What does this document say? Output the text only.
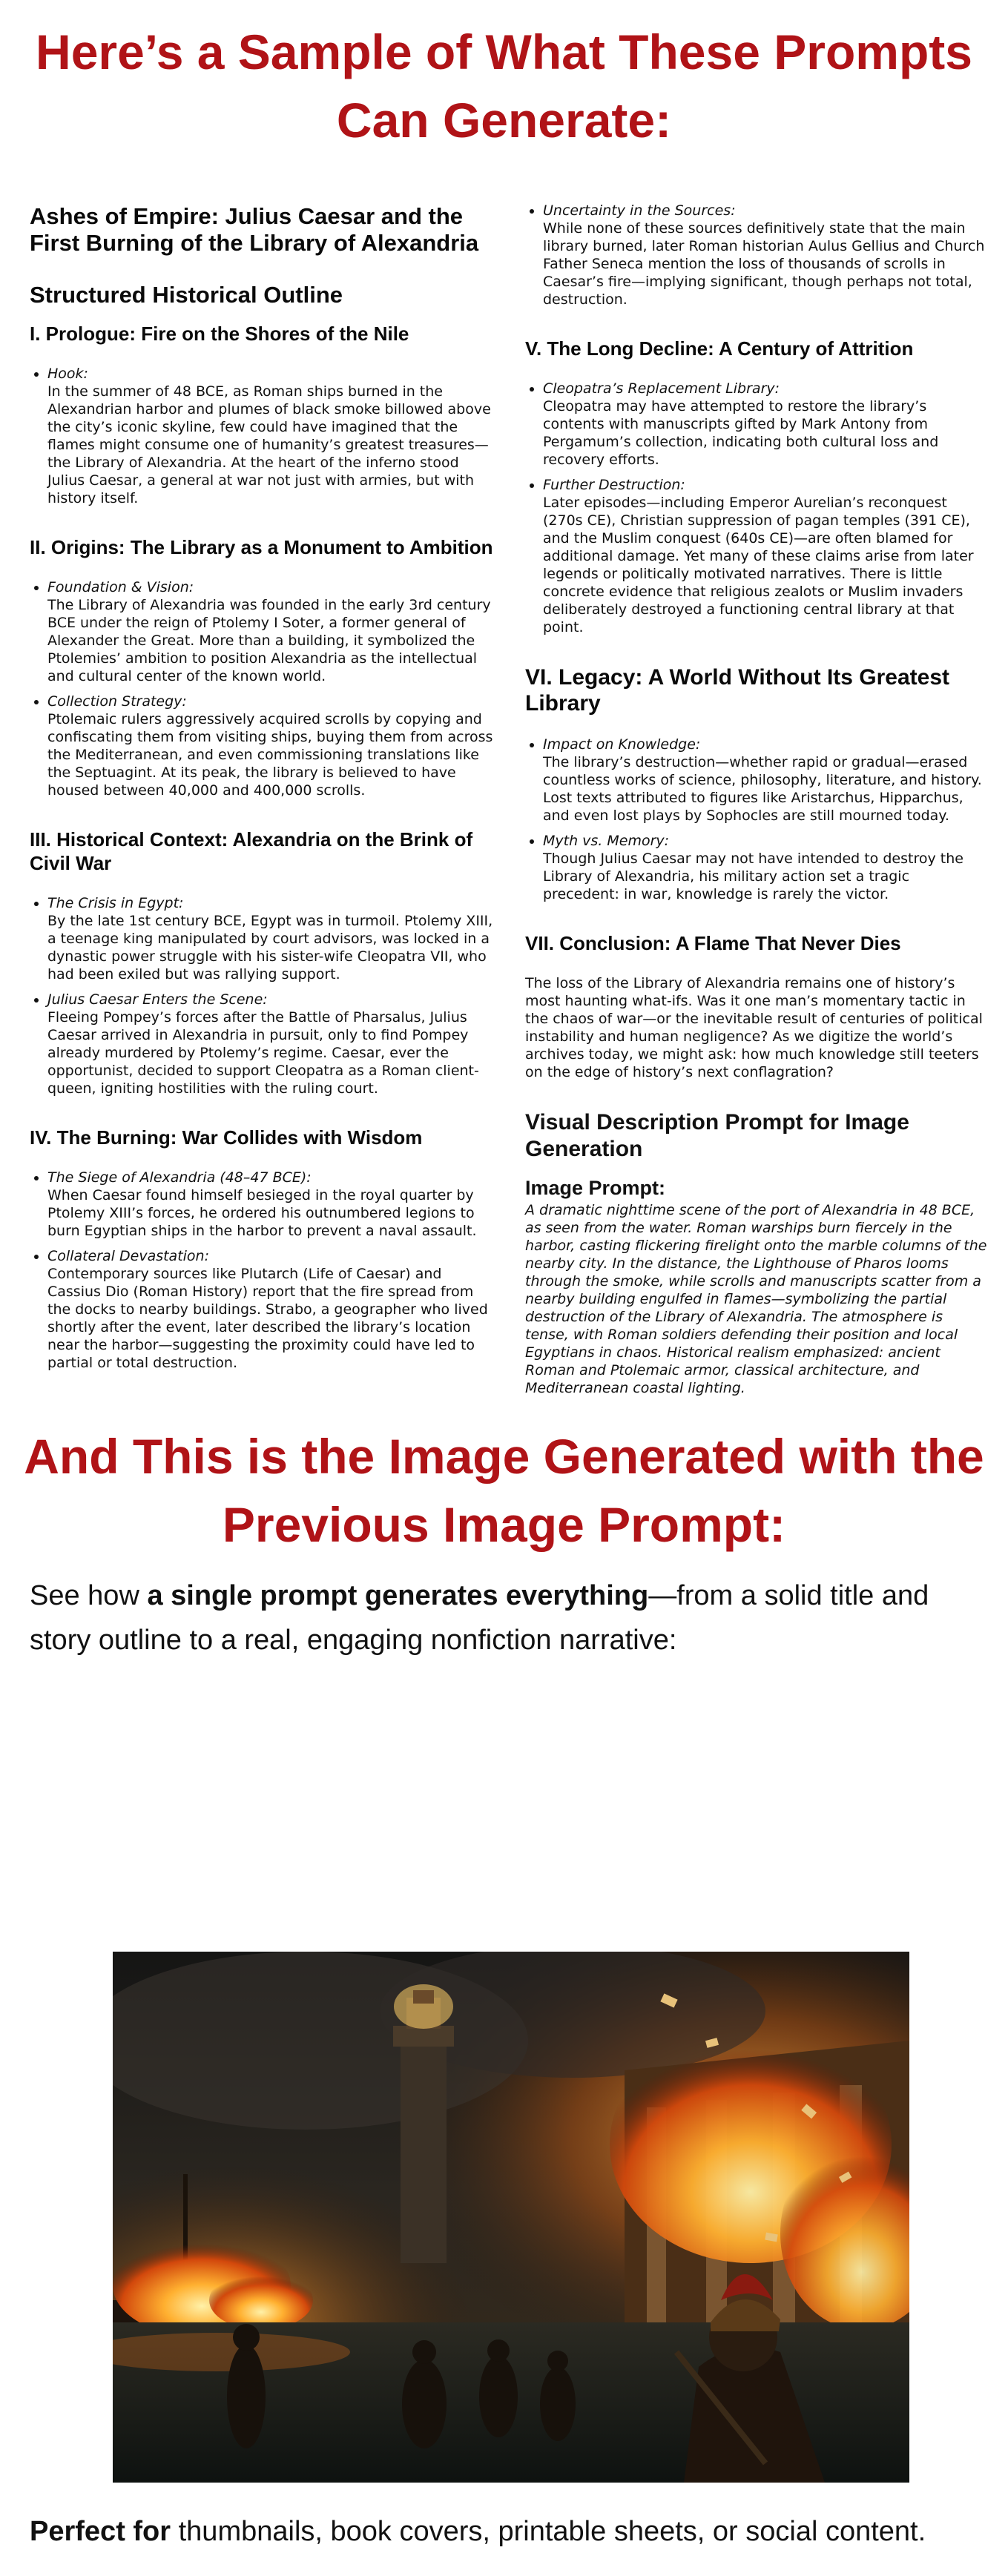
Here’s a Sample of What These Prompts Can Generate:
Ashes of Empire: Julius Caesar and the First Burning of the Library of Alexandria
Structured Historical Outline
I. Prologue: Fire on the Shores of the Nile
• Hook:
In the summer of 48 BCE, as Roman ships burned in the Alexandrian harbor and plumes of black smoke billowed above the city’s iconic skyline, few could have imagined that the flames might consume one of humanity’s greatest treasures—the Library of Alexandria. At the heart of the inferno stood Julius Caesar, a general at war not just with armies, but with history itself.
II. Origins: The Library as a Monument to Ambition
• Foundation & Vision:
The Library of Alexandria was founded in the early 3rd century BCE under the reign of Ptolemy I Soter, a former general of Alexander the Great. More than a building, it symbolized the Ptolemies’ ambition to position Alexandria as the intellectual and cultural center of the known world.
• Collection Strategy:
Ptolemaic rulers aggressively acquired scrolls by copying and confiscating them from visiting ships, buying them from across the Mediterranean, and even commissioning translations like the Septuagint. At its peak, the library is believed to have housed between 40,000 and 400,000 scrolls.
III. Historical Context: Alexandria on the Brink of Civil War
• The Crisis in Egypt:
By the late 1st century BCE, Egypt was in turmoil. Ptolemy XIII, a teenage king manipulated by court advisors, was locked in a dynastic power struggle with his sister-wife Cleopatra VII, who had been exiled but was rallying support.
• Julius Caesar Enters the Scene:
Fleeing Pompey’s forces after the Battle of Pharsalus, Julius Caesar arrived in Alexandria in pursuit, only to find Pompey already murdered by Ptolemy’s regime. Caesar, ever the opportunist, decided to support Cleopatra as a Roman client-queen, igniting hostilities with the ruling court.
IV. The Burning: War Collides with Wisdom
• The Siege of Alexandria (48–47 BCE):
When Caesar found himself besieged in the royal quarter by Ptolemy XIII’s forces, he ordered his outnumbered legions to burn Egyptian ships in the harbor to prevent a naval assault.
• Collateral Devastation:
Contemporary sources like Plutarch (Life of Caesar) and Cassius Dio (Roman History) report that the fire spread from the docks to nearby buildings. Strabo, a geographer who lived shortly after the event, later described the library’s location near the harbor—suggesting the proximity could have led to partial or total destruction.
• Uncertainty in the Sources:
While none of these sources definitively state that the main library burned, later Roman historian Aulus Gellius and Church Father Seneca mention the loss of thousands of scrolls in Caesar’s fire—implying significant, though perhaps not total, destruction.
V. The Long Decline: A Century of Attrition
• Cleopatra’s Replacement Library:
Cleopatra may have attempted to restore the library’s contents with manuscripts gifted by Mark Antony from Pergamum’s collection, indicating both cultural loss and recovery efforts.
• Further Destruction:
Later episodes—including Emperor Aurelian’s reconquest (270s CE), Christian suppression of pagan temples (391 CE), and the Muslim conquest (640s CE)—are often blamed for additional damage. Yet many of these claims arise from later legends or politically motivated narratives. There is little concrete evidence that religious zealots or Muslim invaders deliberately destroyed a functioning central library at that point.
VI. Legacy: A World Without Its Greatest Library
• Impact on Knowledge:
The library’s destruction—whether rapid or gradual—erased countless works of science, philosophy, literature, and history. Lost texts attributed to figures like Aristarchus, Hipparchus, and even lost plays by Sophocles are still mourned today.
• Myth vs. Memory:
Though Julius Caesar may not have intended to destroy the Library of Alexandria, his military action set a tragic precedent: in war, knowledge is rarely the victor.
VII. Conclusion: A Flame That Never Dies

The loss of the Library of Alexandria remains one of history’s most haunting what-ifs. Was it one man’s momentary tactic in the chaos of war—or the inevitable result of centuries of political instability and human negligence? As we digitize the world’s archives today, we might ask: how much knowledge still teeters on the edge of history’s next conflagration?

Visual Description Prompt for Image Generation
Image Prompt:

A dramatic nighttime scene of the port of Alexandria in 48 BCE, as seen from the water. Roman warships burn fiercely in the harbor, casting flickering firelight onto the marble columns of the nearby city. In the distance, the Lighthouse of Pharos looms through the smoke, while scrolls and manuscripts scatter from a nearby building engulfed in flames—symbolizing the partial destruction of the Library of Alexandria. The atmosphere is tense, with Roman soldiers defending their position and local Egyptians in chaos. Historical realism emphasized: ancient Roman and Ptolemaic armor, classical architecture, and Mediterranean coastal lighting.

See how a single prompt generates everything—from a solid title and story outline to a real, engaging nonfiction narrative:

And This is the Image Generated with the Previous Image Prompt:

Perfect for thumbnails, book covers, printable sheets, or social content.
